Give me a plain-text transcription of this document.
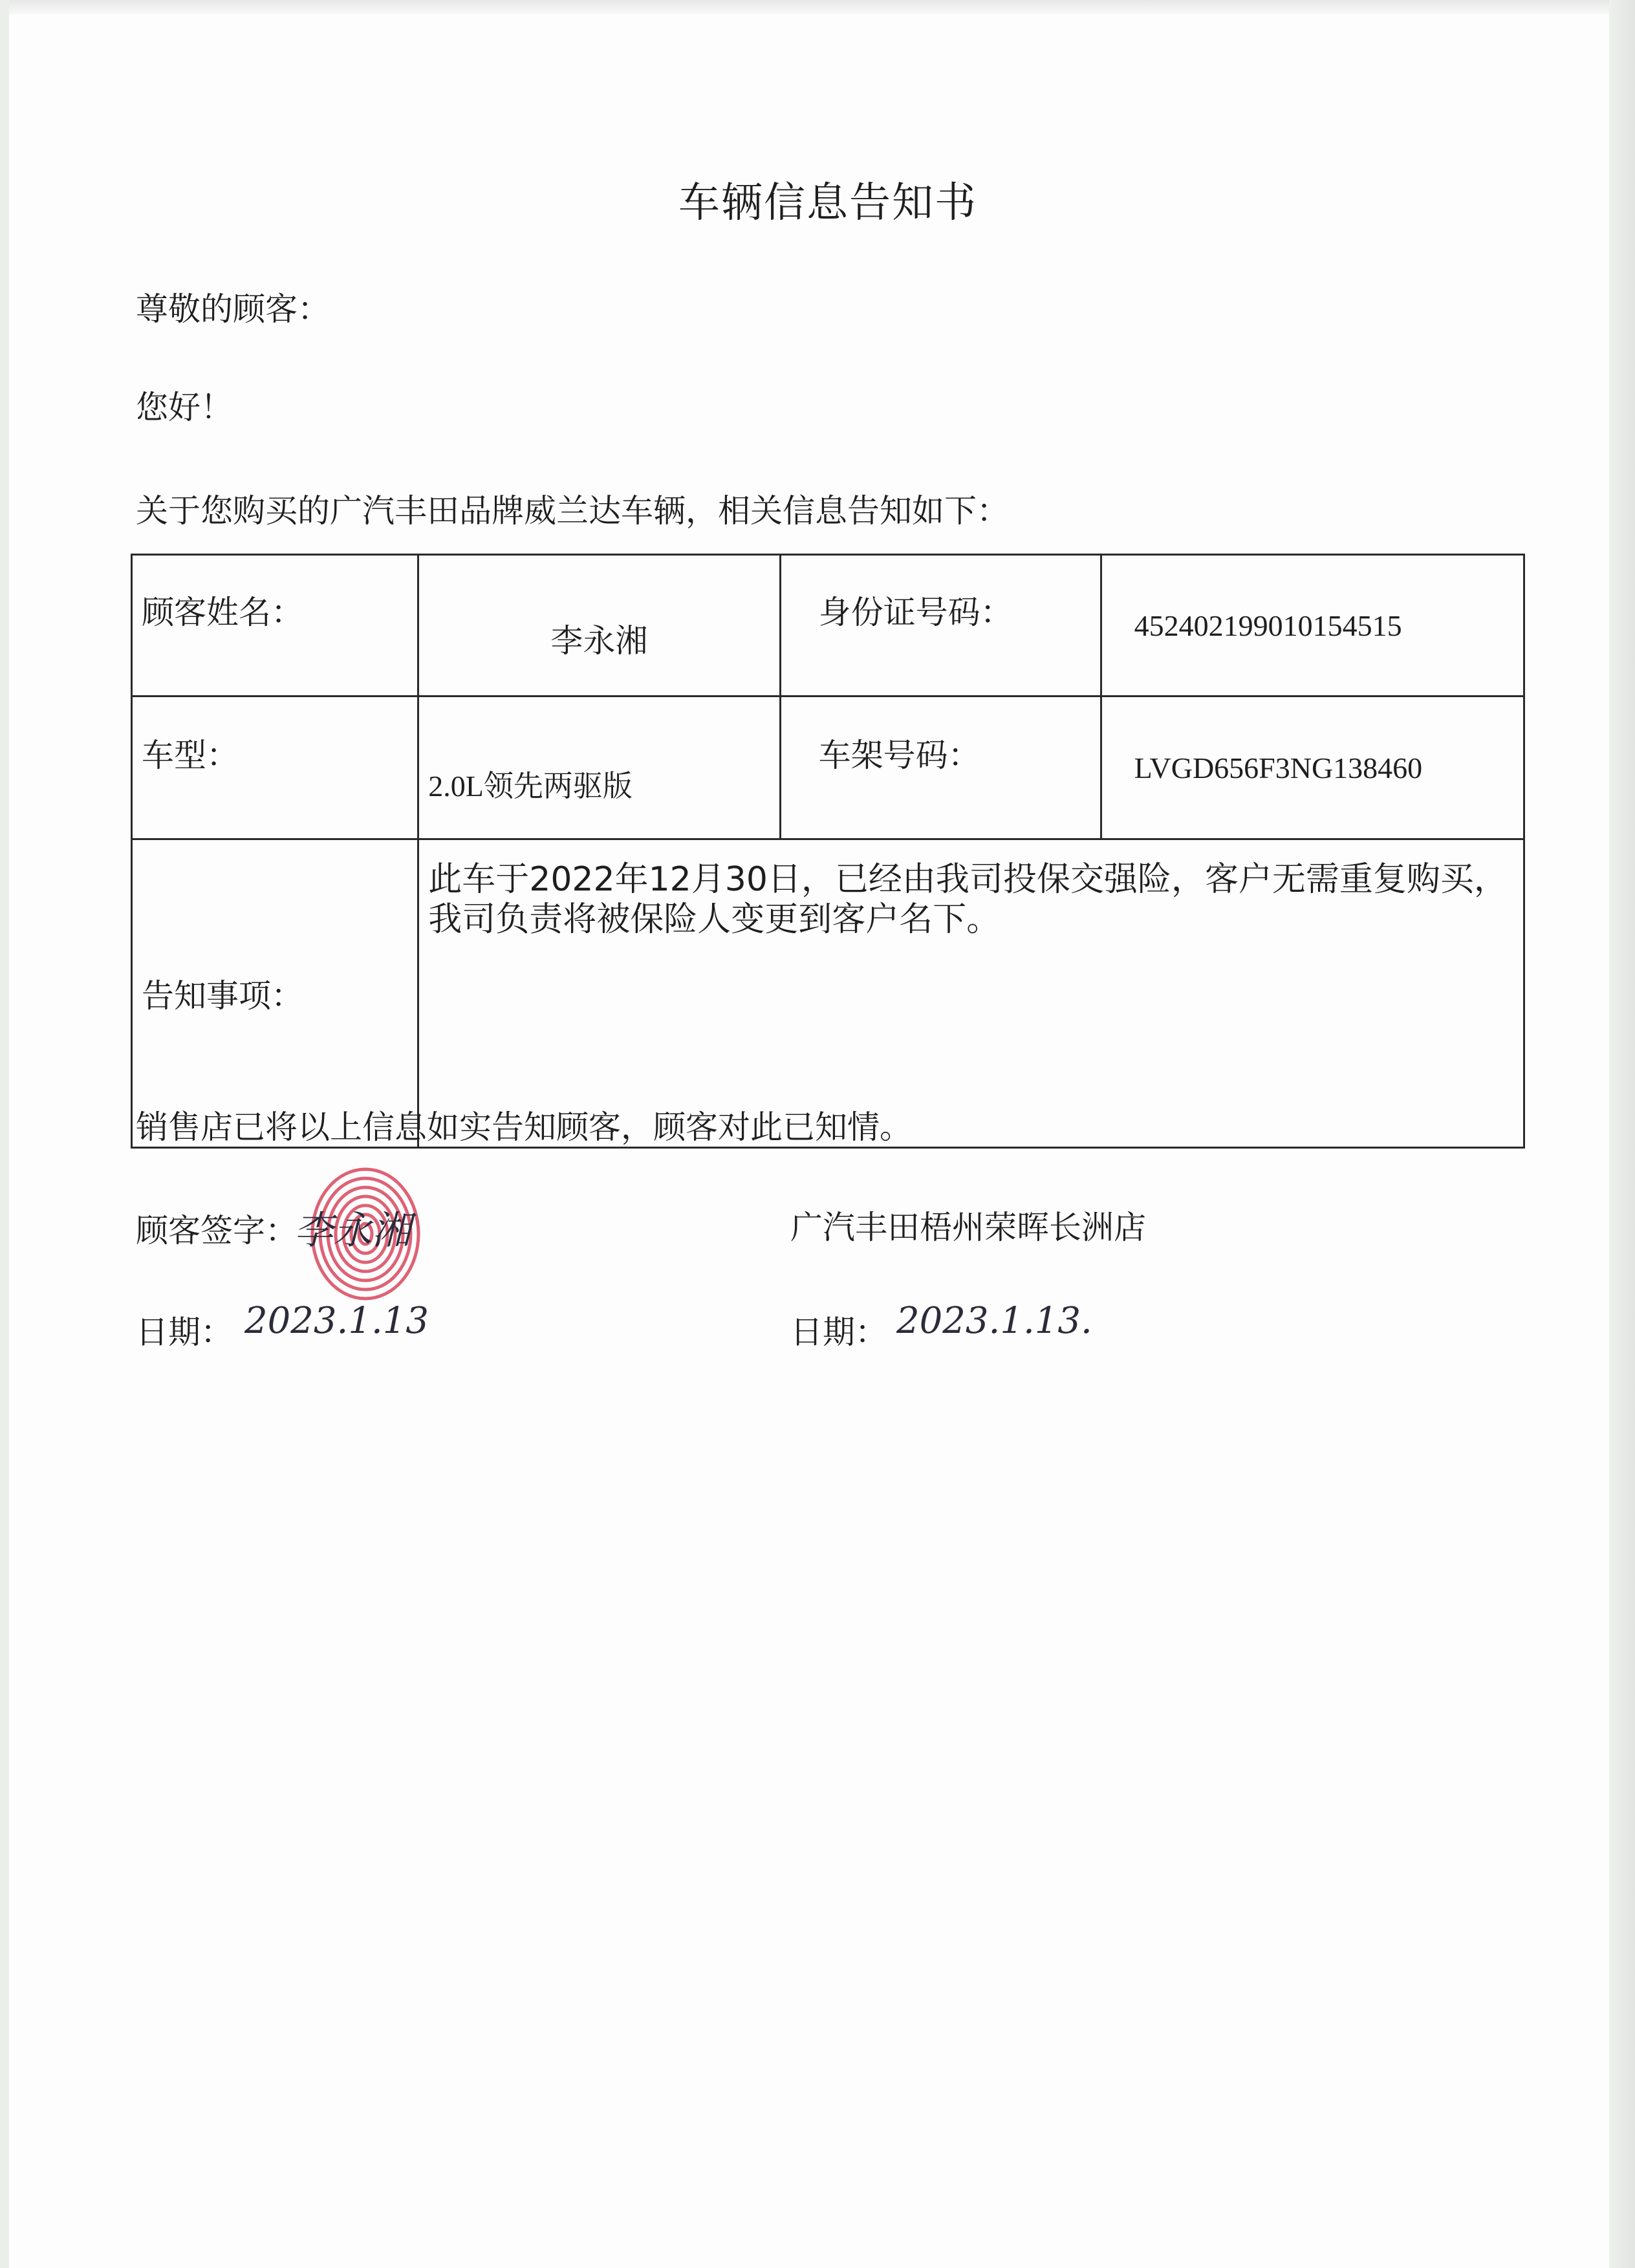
车辆信息告知书
尊敬的顾客：
您好！
关于您购买的广汽丰田品牌威兰达车辆，相关信息告知如下：
顾客姓名：	李永湘	身份证号码：	452402199010154515
车型：	2.0L领先两驱版	车架号码：	LVGD656F3NG138460
告知事项：	此车于2022年12月30日，已经由我司投保交强险，客户无需重复购买，我司负责将被保险人变更到客户名下。		
销售店已将以上信息如实告知顾客，顾客对此已知情。
顾客签字：
李永湘	广汽丰田梧州荣晖长洲店
日期： 2023.1.13	日期： 2023.1.13.
